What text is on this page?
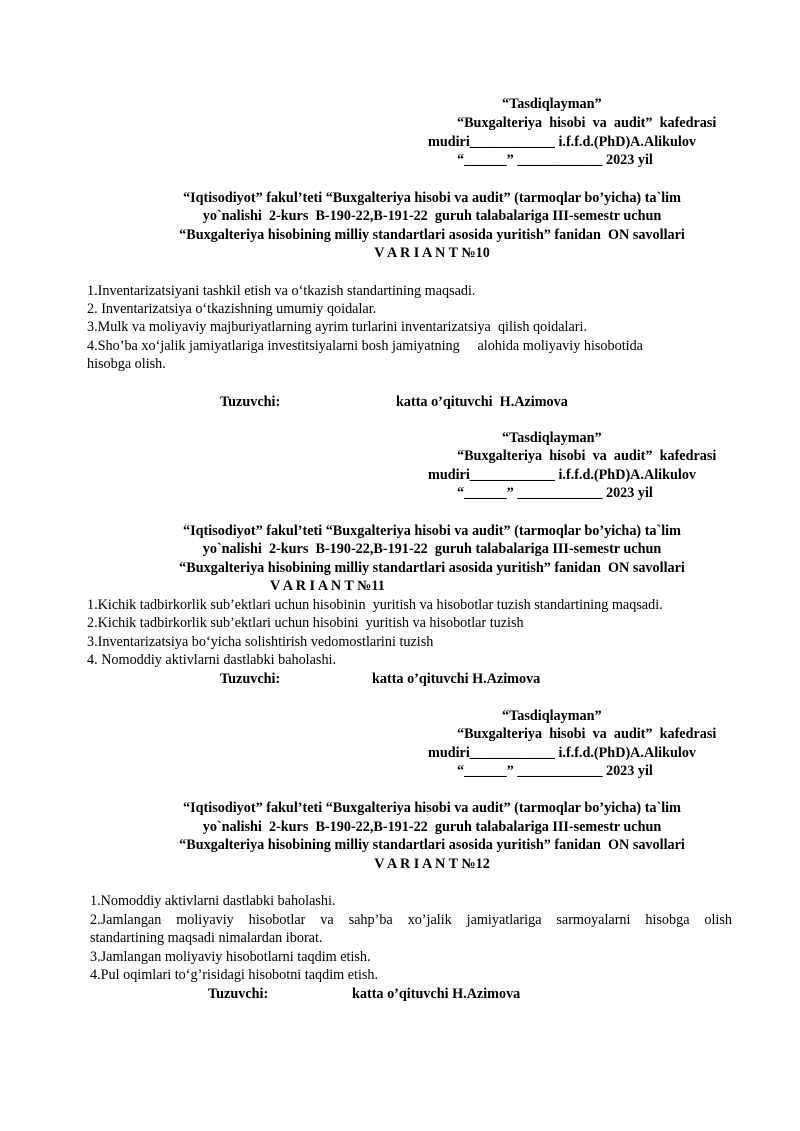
“Tasdiqlayman”
“Buxgalteriya  hisobi  va  audit”  kafedrasi
mudiri____________ i.f.f.d.(PhD)A.Alikulov
“______” ____________ 2023 yil
“Iqtisodiyot” fakul’teti “Buxgalteriya hisobi va audit” (tarmoqlar bo’yicha) ta`lim
yo`nalishi  2-kurs  B-190-22,B-191-22  guruh talabalariga III-semestr uchun
“Buxgalteriya hisobining milliy standartlari asosida yuritish” fanidan  ON savollari
V A R I A N T №10
1.Inventarizatsiyani tashkil etish va o‘tkazish standartining maqsadi.
2. Inventarizatsiya o‘tkazishning umumiy qoidalar.
3.Mulk va moliyaviy majburiyatlarning ayrim turlarini inventarizatsiya  qilish qoidalari.
4.Sho’ba xo‘jalik jamiyatlariga investitsiyalarni bosh jamiyatning     alohida moliyaviy hisobotida
hisobga olish.
Tuzuvchi:	katta o’qituvchi  H.Azimova
“Tasdiqlayman”
“Buxgalteriya  hisobi  va  audit”  kafedrasi
mudiri____________ i.f.f.d.(PhD)A.Alikulov
“______” ____________ 2023 yil
“Iqtisodiyot” fakul’teti “Buxgalteriya hisobi va audit” (tarmoqlar bo’yicha) ta`lim
yo`nalishi  2-kurs  B-190-22,B-191-22  guruh talabalariga III-semestr uchun
“Buxgalteriya hisobining milliy standartlari asosida yuritish” fanidan  ON savollari
V A R I A N T №11
1.Kichik tadbirkorlik sub’ektlari uchun hisobinin  yuritish va hisobotlar tuzish standartining maqsadi.
2.Kichik tadbirkorlik sub’ektlari uchun hisobini  yuritish va hisobotlar tuzish
3.Inventarizatsiya bo‘yicha solishtirish vedomostlarini tuzish
4. Nomoddiy aktivlarni dastlabki baholashi.
Tuzuvchi:	katta o’qituvchi H.Azimova
“Tasdiqlayman”
“Buxgalteriya  hisobi  va  audit”  kafedrasi
mudiri____________ i.f.f.d.(PhD)A.Alikulov
“______” ____________ 2023 yil
“Iqtisodiyot” fakul’teti “Buxgalteriya hisobi va audit” (tarmoqlar bo’yicha) ta`lim
yo`nalishi  2-kurs  B-190-22,B-191-22  guruh talabalariga III-semestr uchun
“Buxgalteriya hisobining milliy standartlari asosida yuritish” fanidan  ON savollari
V A R I A N T №12
1.Nomoddiy aktivlarni dastlabki baholashi.
2.Jamlangan moliyaviy hisobotlar va sahp’ba xo’jalik jamiyatlariga sarmoyalarni hisobga olish
standartining maqsadi nimalardan iborat.
3.Jamlangan moliyaviy hisobotlarni taqdim etish.
4.Pul oqimlari to‘g’risidagi hisobotni taqdim etish.
Tuzuvchi:	katta o’qituvchi H.Azimova
